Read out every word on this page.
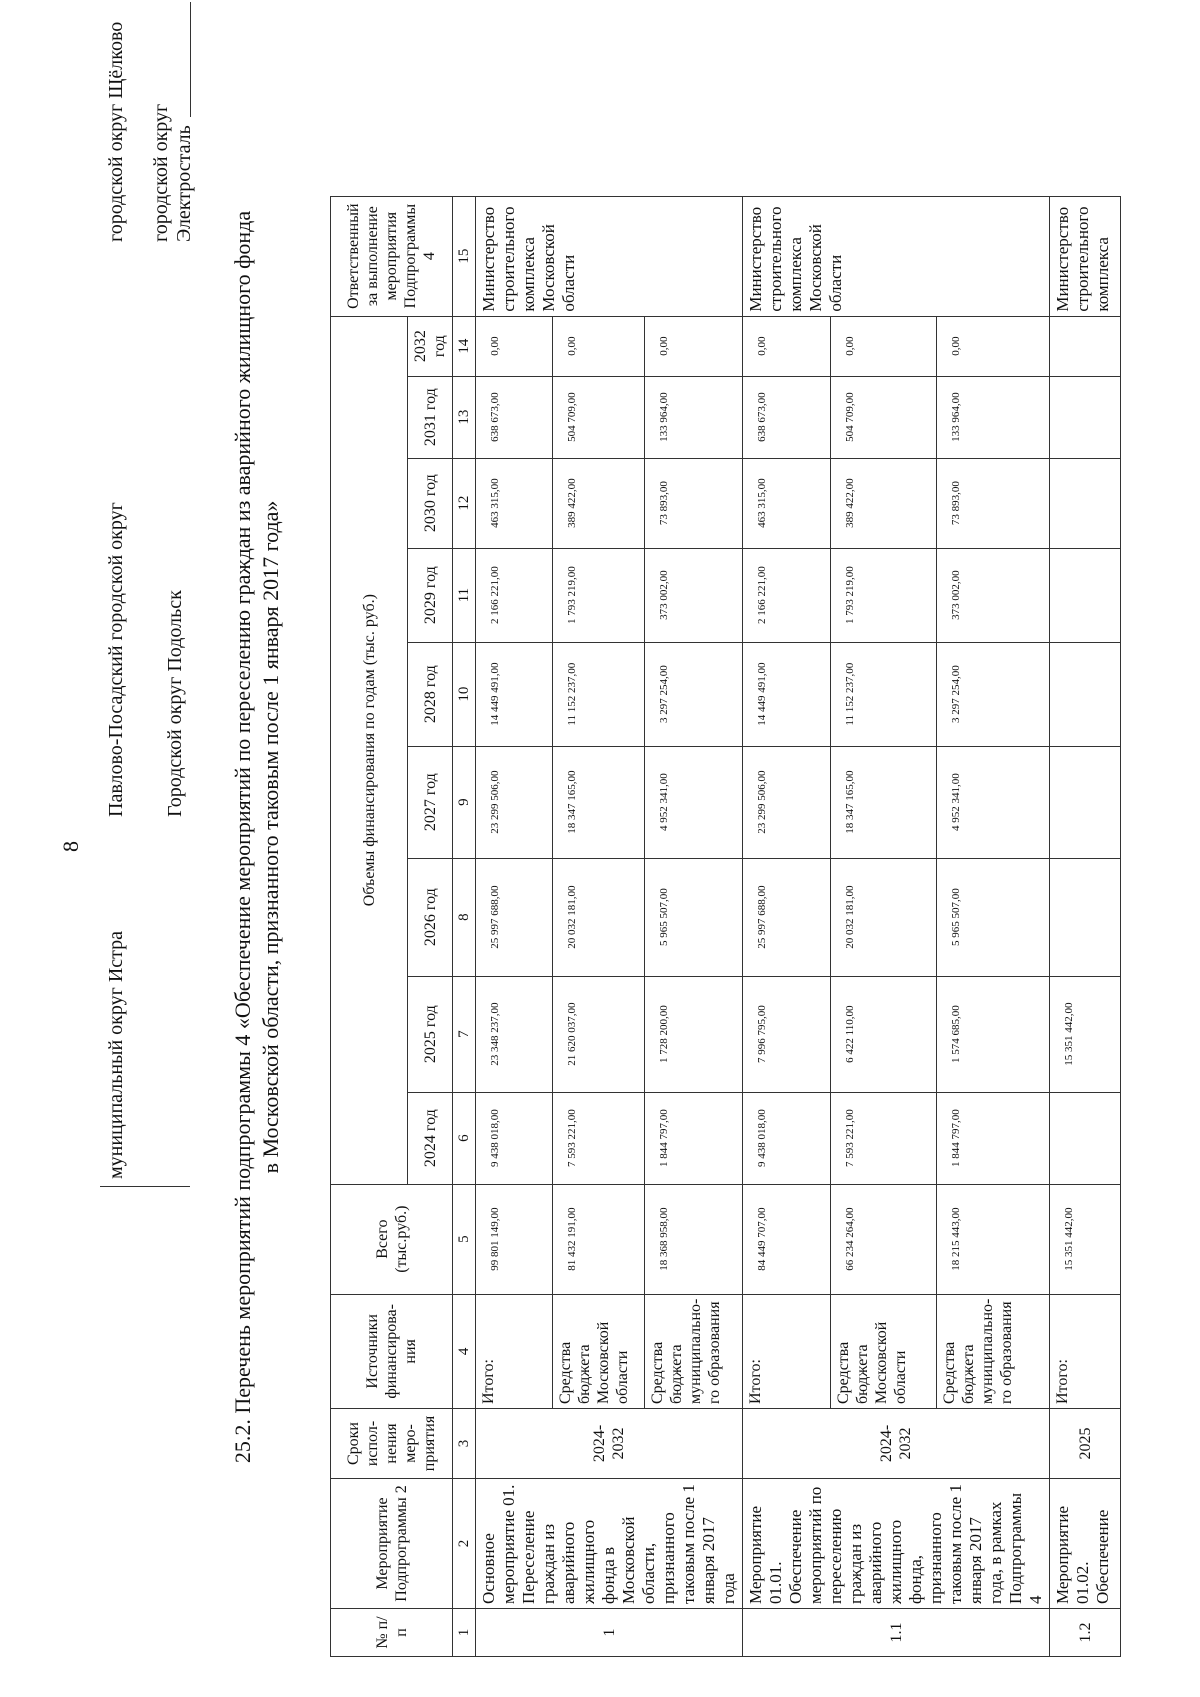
8
муниципальный округ Истра
Павлово-Посадский городской округ Городской округ Подольск
городской округ Щёлково городской округ Электросталь
25.2. Перечень мероприятий подпрограммы 4 «Обеспечение мероприятий по переселению граждан из аварийного жилищного фонда в Московской области, признанного таковым после 1 января 2017 года»
№ п/п	Мероприятие Подпрограммы 2	Сроки испол-нения меро-приятия	Источники финансирова-ния	Всего (тыс.руб.)	Объемы финансирования по годам (тыс. руб.)									Ответственный за выполнение мероприятия Подпрограммы 4
					2024 год	2025 год	2026 год	2027 год	2028 год	2029 год	2030 год	2031 год	2032 год	
1	2	3	4	5	6	7	8	9	10	11	12	13	14	15
1	Основное мероприятие 01. Переселение граждан из аварийного жилищного фонда в Московской области, признанного таковым после 1 января 2017 года	2024-2032	Итого:	99 801 149,00	9 438 018,00	23 348 237,00	25 997 688,00	23 299 506,00	14 449 491,00	2 166 221,00	463 315,00	638 673,00	0,00	Министерство строительного комплекса Московской области
			Средства бюджета Московской области	81 432 191,00	7 593 221,00	21 620 037,00	20 032 181,00	18 347 165,00	11 152 237,00	1 793 219,00	389 422,00	504 709,00	0,00	
			Средства бюджета муниципально-го образования	18 368 958,00	1 844 797,00	1 728 200,00	5 965 507,00	4 952 341,00	3 297 254,00	373 002,00	73 893,00	133 964,00	0,00	
1.1	Мероприятие 01.01. Обеспечение мероприятий по переселению граждан из аварийного жилищного фонда, признанного таковым после 1 января 2017 года, в рамках Подпрограммы 4	2024-2032	Итого:	84 449 707,00	9 438 018,00	7 996 795,00	25 997 688,00	23 299 506,00	14 449 491,00	2 166 221,00	463 315,00	638 673,00	0,00	Министерство строительного комплекса Московской области
			Средства бюджета Московской области	66 234 264,00	7 593 221,00	6 422 110,00	20 032 181,00	18 347 165,00	11 152 237,00	1 793 219,00	389 422,00	504 709,00	0,00	
			Средства бюджета муниципально-го образования	18 215 443,00	1 844 797,00	1 574 685,00	5 965 507,00	4 952 341,00	3 297 254,00	373 002,00	73 893,00	133 964,00	0,00	
1.2	Мероприятие 01.02. Обеспечение	2025	Итого:	15 351 442,00		15 351 442,00								Министерство строительного комплекса
